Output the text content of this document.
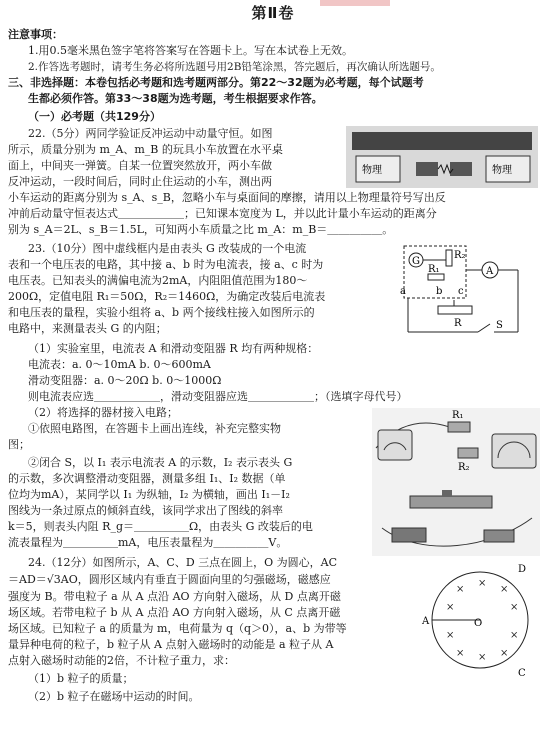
第Ⅱ卷
注意事项：
1.用0.5毫米黑色签字笔将答案写在答题卡上。写在本试卷上无效。
2.作答选考题时，请考生务必将所选题号用2B铅笔涂黑，答完题后，再次确认所选题号。
三、非选择题：本卷包括必考题和选考题两部分。第22～32题为必考题，每个试题考
生都必须作答。第33～38题为选考题，考生根据要求作答。
（一）必考题（共129分）
22.（5分）两同学验证反冲运动中动量守恒。如图
所示，质量分别为 m_A、m_B 的玩具小车放置在水平桌
面上，中间夹一弹簧。自某一位置突然放开，两小车做
反冲运动，一段时间后，同时止住运动的小车，测出两
小车运动的距离分别为 s_A、s_B，忽略小车与桌面间的摩擦，请用以上物理量符号写出反
冲前后动量守恒表达式＿＿＿＿＿＿；已知课本宽度为 L，并以此计量小车运动的距离分
别为 s_A＝2L、s_B＝1.5L，可知两小车质量之比 m_A：m_B＝＿＿＿＿＿。
物理	物理
23.（10分）图中虚线框内是由表头 G 改装成的一个电流
表和一个电压表的电路，其中接 a、b 时为电流表，接 a、c 时为
电压表。已知表头的满偏电流为2mA，内阻阻值范围为180～
200Ω，定值电阻 R₁＝50Ω，R₂＝1460Ω，为确定改装后电流表
和电压表的量程，实验小组将 a、b 两个接线柱接入如图所示的
电路中，来测量表头 G 的内阻；
（1）实验室里，电流表 A 和滑动变阻器 R 均有两种规格：
电流表：a. 0～10mA b. 0～600mA
滑动变阻器：a. 0～20Ω b. 0～1000Ω
则电流表应选＿＿＿＿＿＿，滑动变阻器应选＿＿＿＿＿＿；（选填字母代号）
（2）将选择的器材接入电路；
①依照电路图，在答题卡上画出连线，补充完整实物
图；
②闭合 S，以 I₁ 表示电流表 A 的示数，I₂ 表示表头 G
的示数，多次调整滑动变阻器，测量多组 I₁、I₂ 数据（单
位均为mA），某同学以 I₁ 为纵轴，I₂ 为横轴，画出 I₁－I₂
图线为一条过原点的倾斜直线，该同学求出了图线的斜率
k＝5，则表头内阻 R_g＝＿＿＿＿＿Ω，由表头 G 改装后的电
流表量程为＿＿＿＿＿mA，电压表量程为＿＿＿＿＿V。
G
R₁
R₂
a	b c
A
R	S
R₁
R₂
24.（12分）如图所示，A、C、D 三点在圆上，O 为圆心，AC
＝AD＝√3AO，圆形区域内有垂直于圆面向里的匀强磁场，磁感应
强度为 B。带电粒子 a 从 A 点沿 AO 方向射入磁场，从 D 点离开磁
场区域。若带电粒子 b 从 A 点沿 AO 方向射入磁场，从 C 点离开磁
场区域。已知粒子 a 的质量为 m，电荷量为 q（q＞0），a、b 为带等
量异种电荷的粒子，b 粒子从 A 点射入磁场时的动能是 a 粒子从 A
点射入磁场时动能的2倍，不计粒子重力，求：
（1）b 粒子的质量；
（2）b 粒子在磁场中运动的时间。
D
C
A	O
×
×
×
×	×
×	×
× × ×
